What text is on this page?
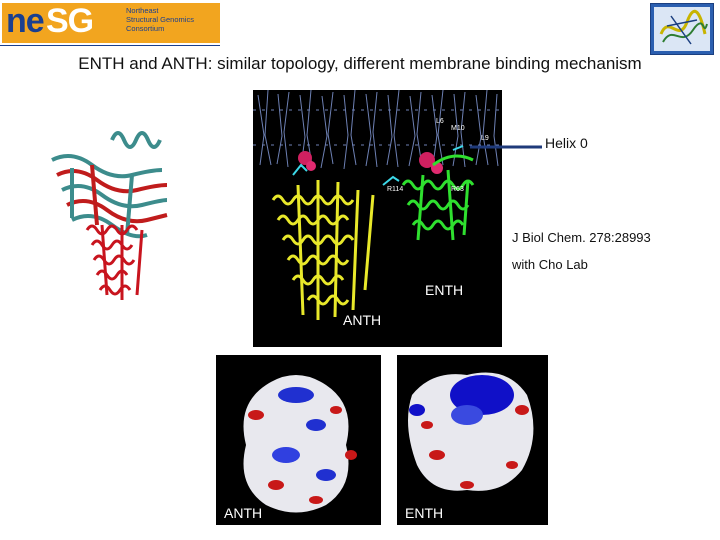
ne SG	Northeast
Structural Genomics
Consortium
ENTH and ANTH: similar topology, different membrane binding mechanism
L6
M10
L9
R114	R63
ENTH
ANTH
Helix 0
J Biol Chem. 278:28993
with Cho Lab
ANTH	ENTH
